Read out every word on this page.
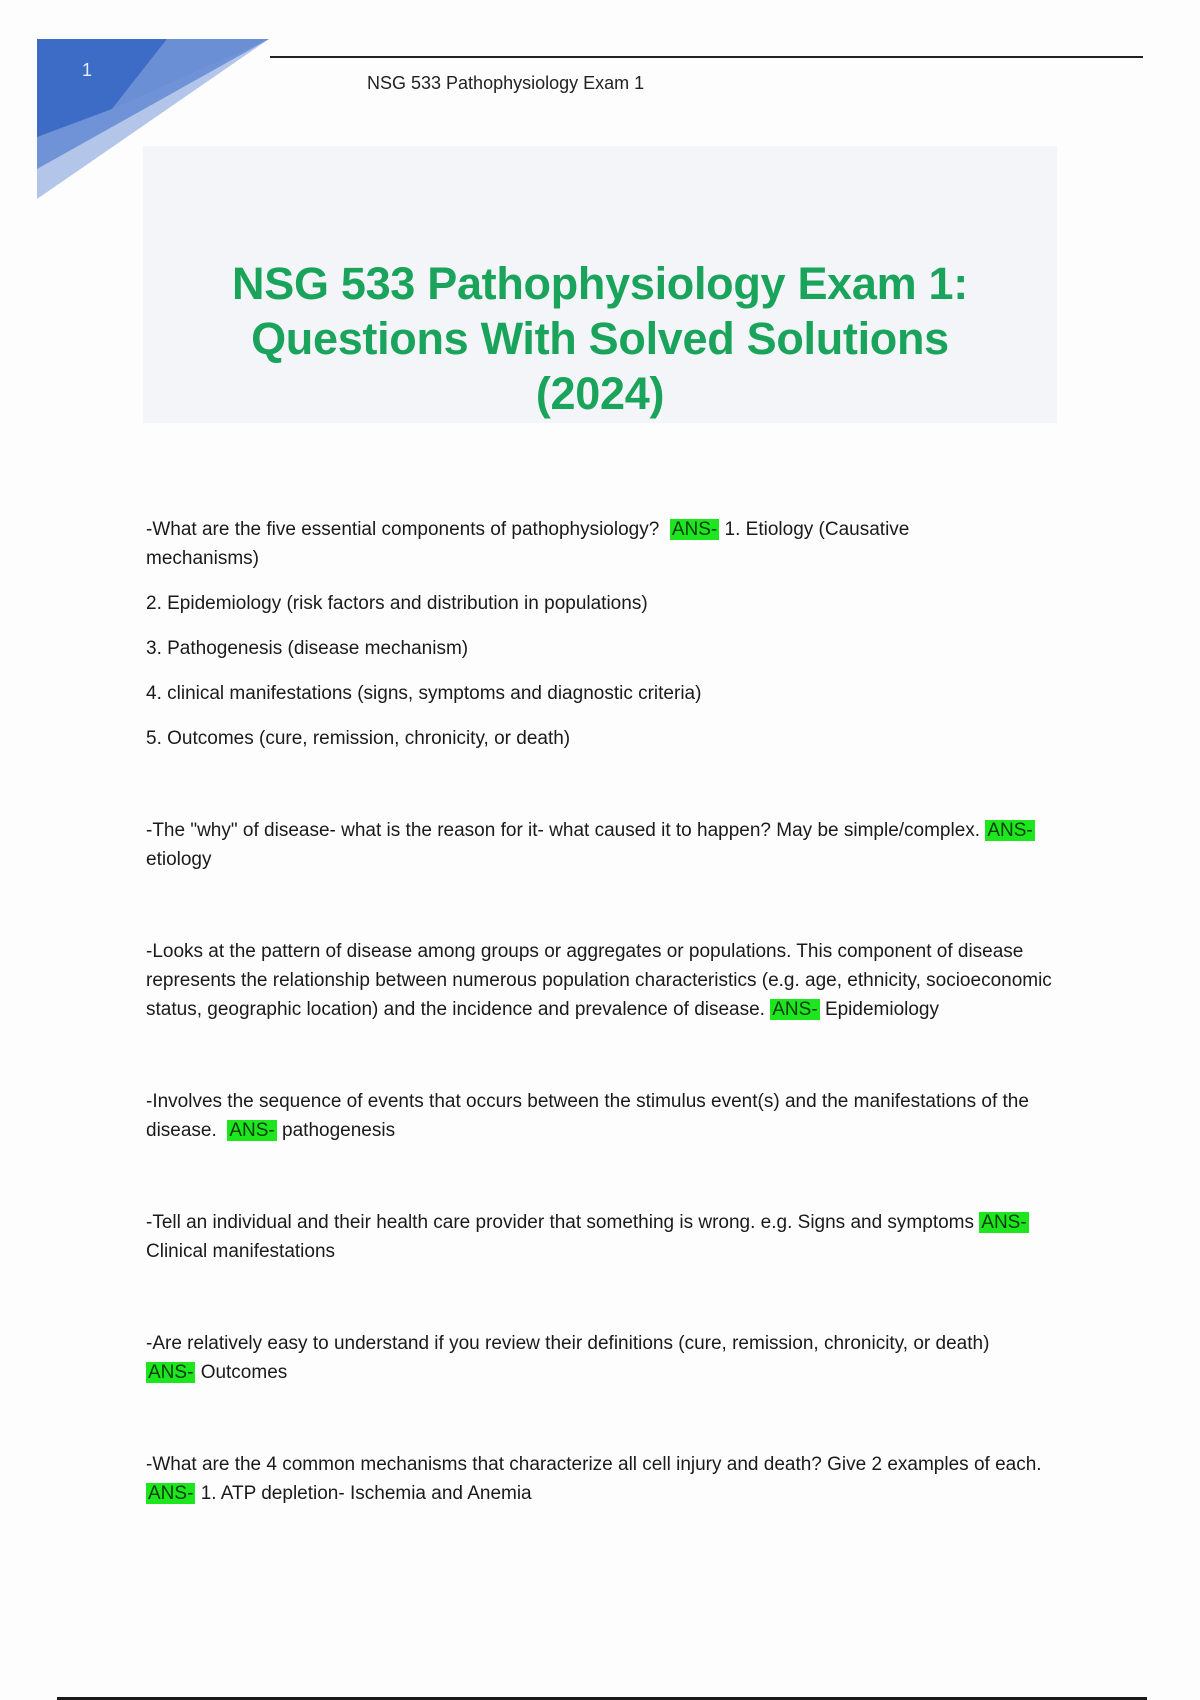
1
NSG 533 Pathophysiology Exam 1
NSG 533 Pathophysiology Exam 1:
Questions With Solved Solutions
(2024)

-What are the five essential components of pathophysiology? ANS- 1. Etiology (Causative mechanisms)

2. Epidemiology (risk factors and distribution in populations)

3. Pathogenesis (disease mechanism)

4. clinical manifestations (signs, symptoms and diagnostic criteria)

5. Outcomes (cure, remission, chronicity, or death)

-The "why" of disease- what is the reason for it- what caused it to happen? May be simple/complex. ANS- etiology

-Looks at the pattern of disease among groups or aggregates or populations. This component of disease represents the relationship between numerous population characteristics (e.g. age, ethnicity, socioeconomic status, geographic location) and the incidence and prevalence of disease. ANS- Epidemiology

-Involves the sequence of events that occurs between the stimulus event(s) and the manifestations of the disease. ANS- pathogenesis

-Tell an individual and their health care provider that something is wrong. e.g. Signs and symptoms ANS- Clinical manifestations

-Are relatively easy to understand if you review their definitions (cure, remission, chronicity, or death)  ANS- Outcomes

-What are the 4 common mechanisms that characterize all cell injury and death? Give 2 examples of each.  ANS- 1. ATP depletion- Ischemia and Anemia
